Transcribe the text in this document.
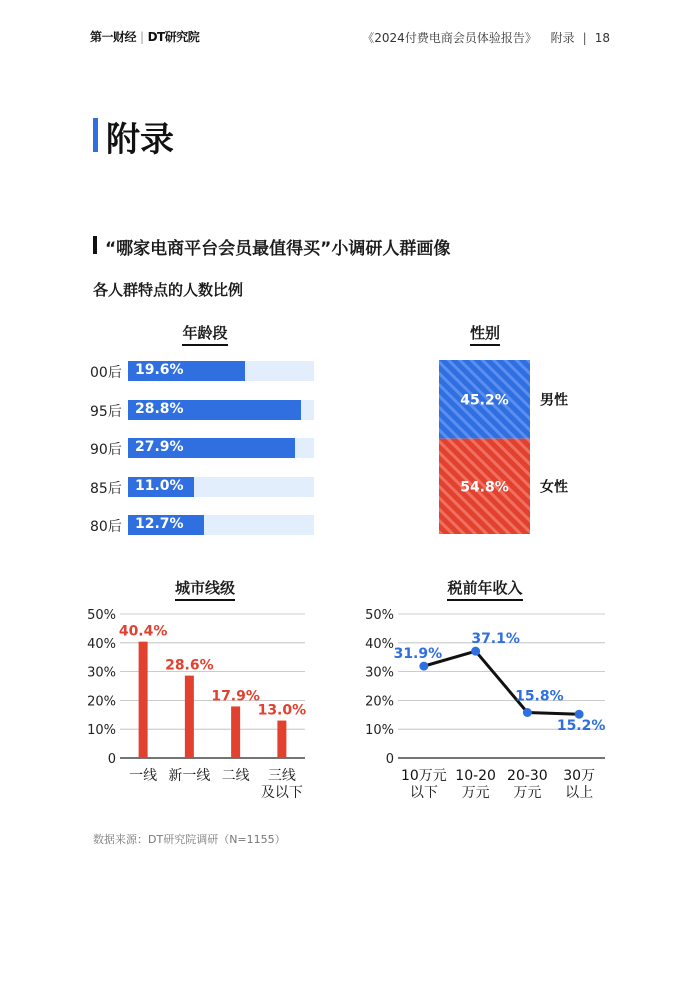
第一财经 | DT研究院	《2024付费电商会员体验报告》 附录 | 18
附录
“哪家电商平台会员最值得买”小调研人群画像
各人群特点的人数比例
年龄段
00后 19.6%
95后 28.8%
90后 27.9%
85后 11.0%
80后 12.7%
性别
45.2% 男性
54.8% 女性
城市线级
0
10%
20%
30%
40%
50%
40.4%
一线
28.6%
新一线
17.9%
二线
13.0%
三线
及以下
税前年收入
0
10%
20%
30%
40%
50%
31.9%
10万元
以下
37.1%
10-20
万元
15.8%
20-30
万元
15.2%
30万
以上
数据来源：DT研究院调研（N=1155）
